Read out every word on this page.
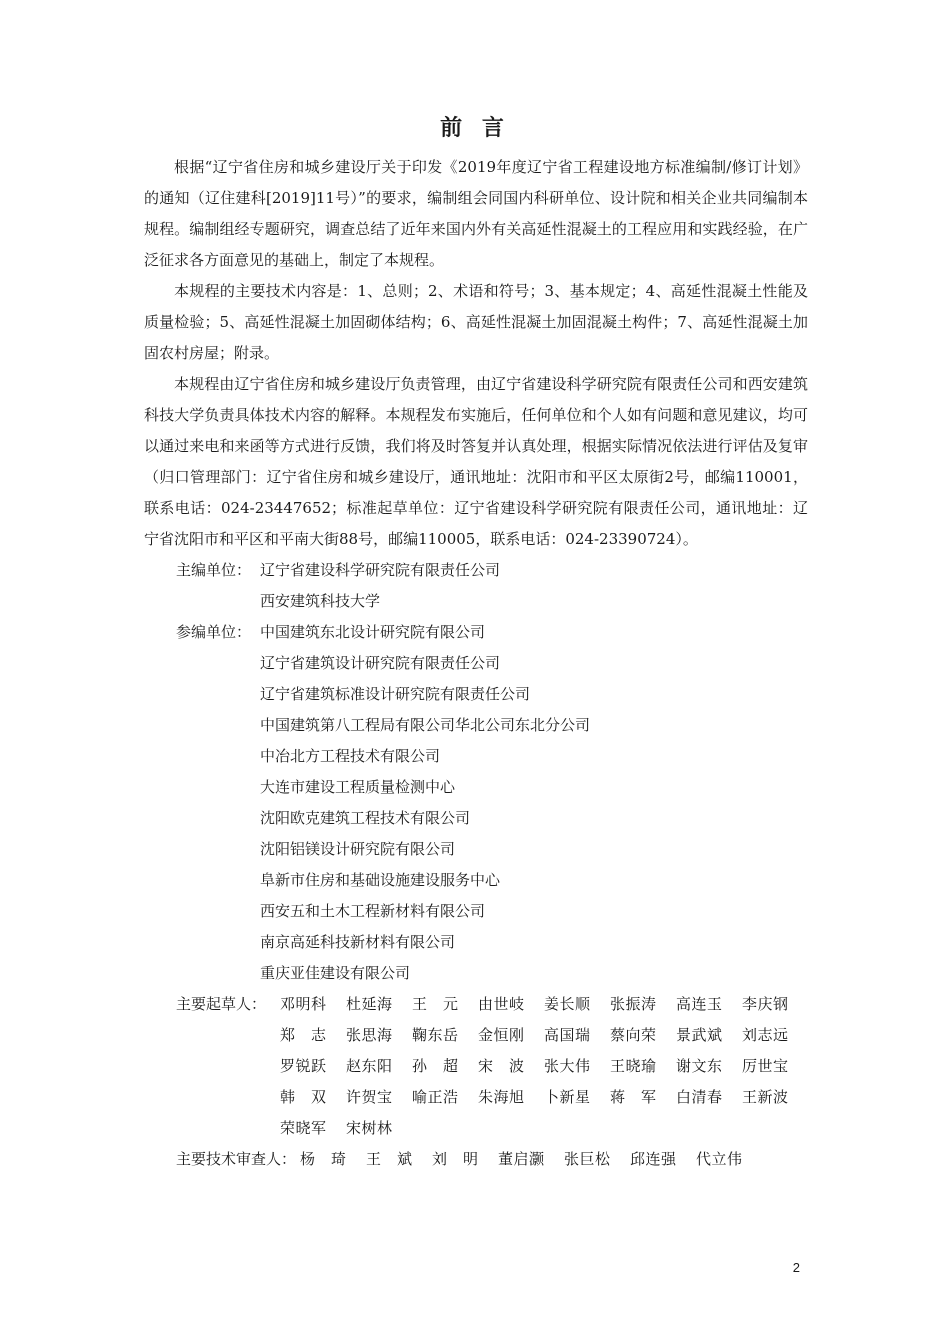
前 言

根据“辽宁省住房和城乡建设厅关于印发《2019年度辽宁省工程建设地方标准编制/修订计划》的通知（辽住建科[2019]11号）”的要求，编制组会同国内科研单位、设计院和相关企业共同编制本规程。编制组经专题研究，调查总结了近年来国内外有关高延性混凝土的工程应用和实践经验，在广泛征求各方面意见的基础上，制定了本规程。

本规程的主要技术内容是：1、总则；2、术语和符号；3、基本规定；4、高延性混凝土性能及质量检验；5、高延性混凝土加固砌体结构；6、高延性混凝土加固混凝土构件；7、高延性混凝土加固农村房屋；附录。

本规程由辽宁省住房和城乡建设厅负责管理，由辽宁省建设科学研究院有限责任公司和西安建筑科技大学负责具体技术内容的解释。本规程发布实施后，任何单位和个人如有问题和意见建议，均可以通过来电和来函等方式进行反馈，我们将及时答复并认真处理，根据实际情况依法进行评估及复审（归口管理部门：辽宁省住房和城乡建设厅，通讯地址：沈阳市和平区太原街2号，邮编110001，联系电话：024-23447652；标准起草单位：辽宁省建设科学研究院有限责任公司，通讯地址：辽宁省沈阳市和平区和平南大街88号，邮编110005，联系电话：024-23390724）。

主编单位： 辽宁省建设科学研究院有限责任公司
西安建筑科技大学
参编单位： 中国建筑东北设计研究院有限公司
辽宁省建筑设计研究院有限责任公司
辽宁省建筑标准设计研究院有限责任公司
中国建筑第八工程局有限公司华北公司东北分公司
中冶北方工程技术有限公司
大连市建设工程质量检测中心
沈阳欧克建筑工程技术有限公司
沈阳铝镁设计研究院有限公司
阜新市住房和基础设施建设服务中心
西安五和土木工程新材料有限公司
南京高延科技新材料有限公司
重庆亚佳建设有限公司
主要起草人： 邓明科	杜延海	王　元	由世岐	姜长顺	张振涛	高连玉	李庆钢
郑　志	张思海	鞠东岳	金恒刚	高国瑞	蔡向荣	景武斌	刘志远
罗锐跃	赵东阳	孙　超	宋　波	张大伟	王晓瑜	谢文东	厉世宝
韩　双	许贺宝	喻正浩	朱海旭	卜新星	蒋　军	白清春	王新波
荣晓军	宋树林
主要技术审查人： 杨　琦	王　斌	刘　明	董启灏	张巨松	邱连强	代立伟
2
